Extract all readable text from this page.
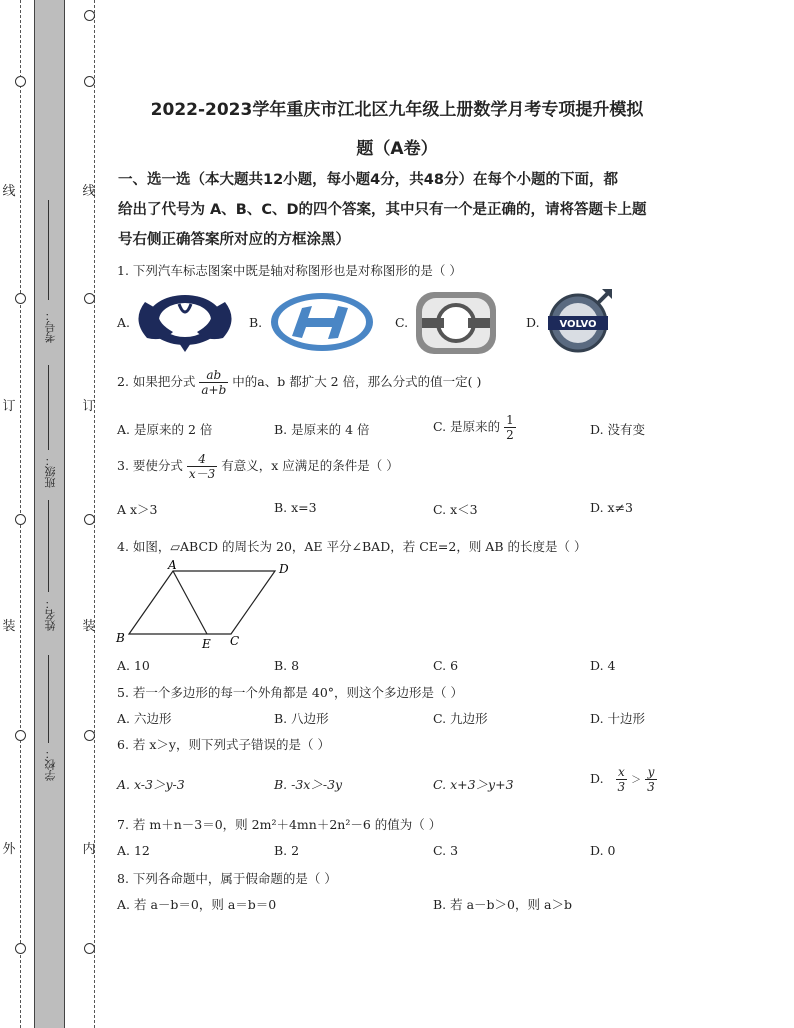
线
订
装
外
线
订
装
内
考号：
班级：
姓名：
学校：
2022-2023学年重庆市江北区九年级上册数学月考专项提升模拟
题（A卷）
一、选一选（本大题共12小题，每小题4分，共48分）在每个小题的下面，都
给出了代号为 A、B、C、D的四个答案，其中只有一个是正确的，请将答题卡上题
号右侧正确答案所对应的方框涂黑）
1. 下列汽车标志图案中既是轴对称图形也是对称图形的是（ ）
A.	B.	C.	D. VOLVO
2. 如果把分式 $\frac{ab}{a+b}$ 中的a、b 都扩大 2 倍，那么分式的值一定( )
A. 是原来的 2 倍	B. 是原来的 4 倍	C. 是原来的 $\frac{1}{2}$	D. 没有变
3. 要使分式 $\frac{4}{x-3}$ 有意义，x 应满足的条件是（ ）
A x＞3	B. x=3	C. x＜3	D. x≠3
4. 如图，▱ABCD 的周长为 20，AE 平分∠BAD，若 CE=2，则 AB 的长度是（ ）
A	D
B	E C
A. 10	B. 8	C. 6	D. 4
5. 若一个多边形的每一个外角都是 40°，则这个多边形是（ ）
A. 六边形	B. 八边形	C. 九边形	D. 十边形
6. 若 x＞y，则下列式子错误的是（ ）
A. x-3＞y-3	B. -3x＞-3y	C. x+3＞y+3	D. $\frac{x}{3} > \frac{y}{3}$
7. 若 m＋n－3＝0，则 2m²＋4mn＋2n²－6 的值为（ ）
A. 12	B. 2	C. 3	D. 0
8. 下列各命题中，属于假命题的是（ ）
A. 若 a－b＝0，则 a＝b＝0	B. 若 a－b＞0，则 a＞b
